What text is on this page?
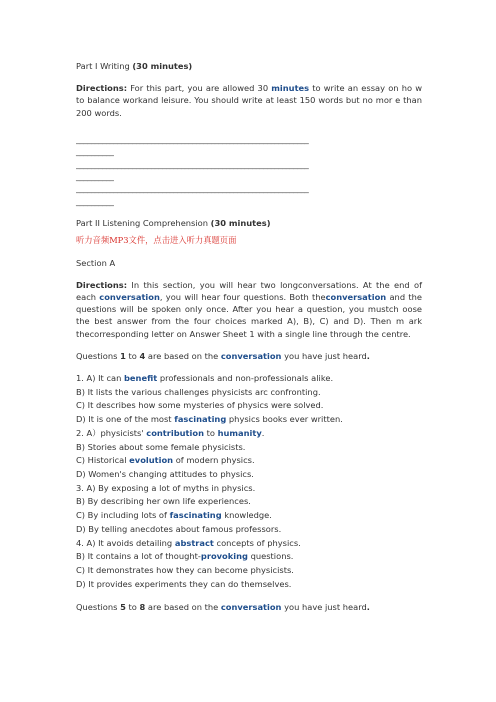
Part I Writing (30 minutes)

Directions: For this part, you are allowed 30 minutes to write an essay on ho w to balance workand leisure. You should write at least 150 words but no mor e than 200 words.

______________________________________________________________

__________

______________________________________________________________

__________

______________________________________________________________

__________

Part II Listening Comprehension (30 minutes)

听力音频MP3文件，点击进入听力真题页面

Section A

Directions: In this section, you will hear two longconversations. At the end of each conversation, you will hear four questions. Both theconversation and the questions will be spoken only once. After you hear a question, you mustch oose the best answer from the four choices marked A), B), C) and D). Then m ark thecorresponding letter on Answer Sheet 1 with a single line through the centre.

Questions 1 to 4 are based on the conversation you have just heard.

1. A) It can benefit professionals and non-professionals alike.

B) It lists the various challenges physicists arc confronting.

C) It describes how some mysteries of physics were solved.

D) It is one of the most fascinating physics books ever written.

2. A）physicists' contribution to humanity.

B) Stories about some female physicists.

C) Historical evolution of modern physics.

D) Women's changing attitudes to physics.

3. A) By exposing a lot of myths in physics.

B) By describing her own life experiences.

C) By including lots of fascinating knowledge.

D) By telling anecdotes about famous professors.

4. A) It avoids detailing abstract concepts of physics.

B) It contains a lot of thought-provoking questions.

C) It demonstrates how they can become physicists.

D) It provides experiments they can do themselves.

Questions 5 to 8 are based on the conversation you have just heard.
